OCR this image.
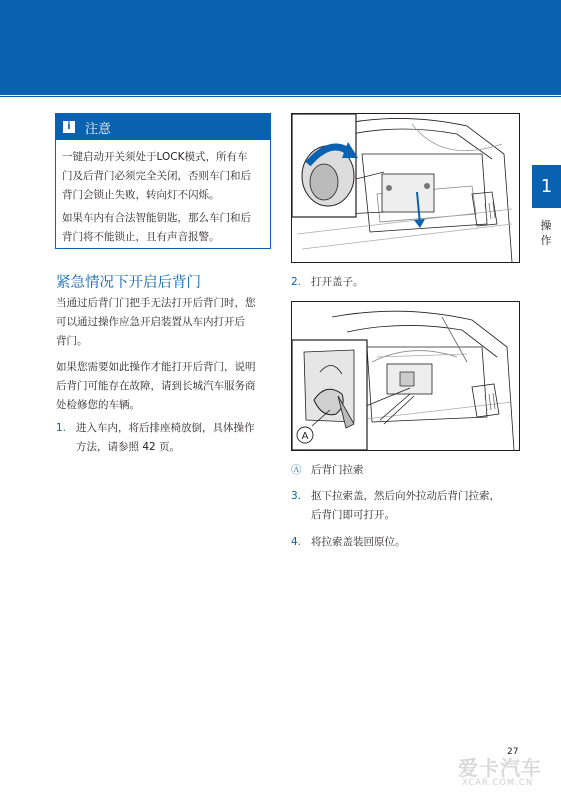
1
操
作
i	注意

一键启动开关须处于LOCK模式，所有车
门及后背门必须完全关闭，否则车门和后
背门会锁止失败，转向灯不闪烁。

如果车内有合法智能钥匙，那么车门和后
背门将不能锁止，且有声音报警。

紧急情况下开启后背门

当通过后背门门把手无法打开后背门时，您
可以通过操作应急开启装置从车内打开后
背门。

如果您需要如此操作才能打开后背门，说明
后背门可能存在故障，请到长城汽车服务商
处检修您的车辆。

1. 进入车内，将后排座椅放倒，具体操作
方法，请参照 42 页。
2. 打开盖子。
A
Ⓐ 后背门拉索
3. 抠下拉索盖，然后向外拉动后背门拉索，
后背门即可打开。
4. 将拉索盖装回原位。
爱卡汽车
XCAR.COM.CN
27
